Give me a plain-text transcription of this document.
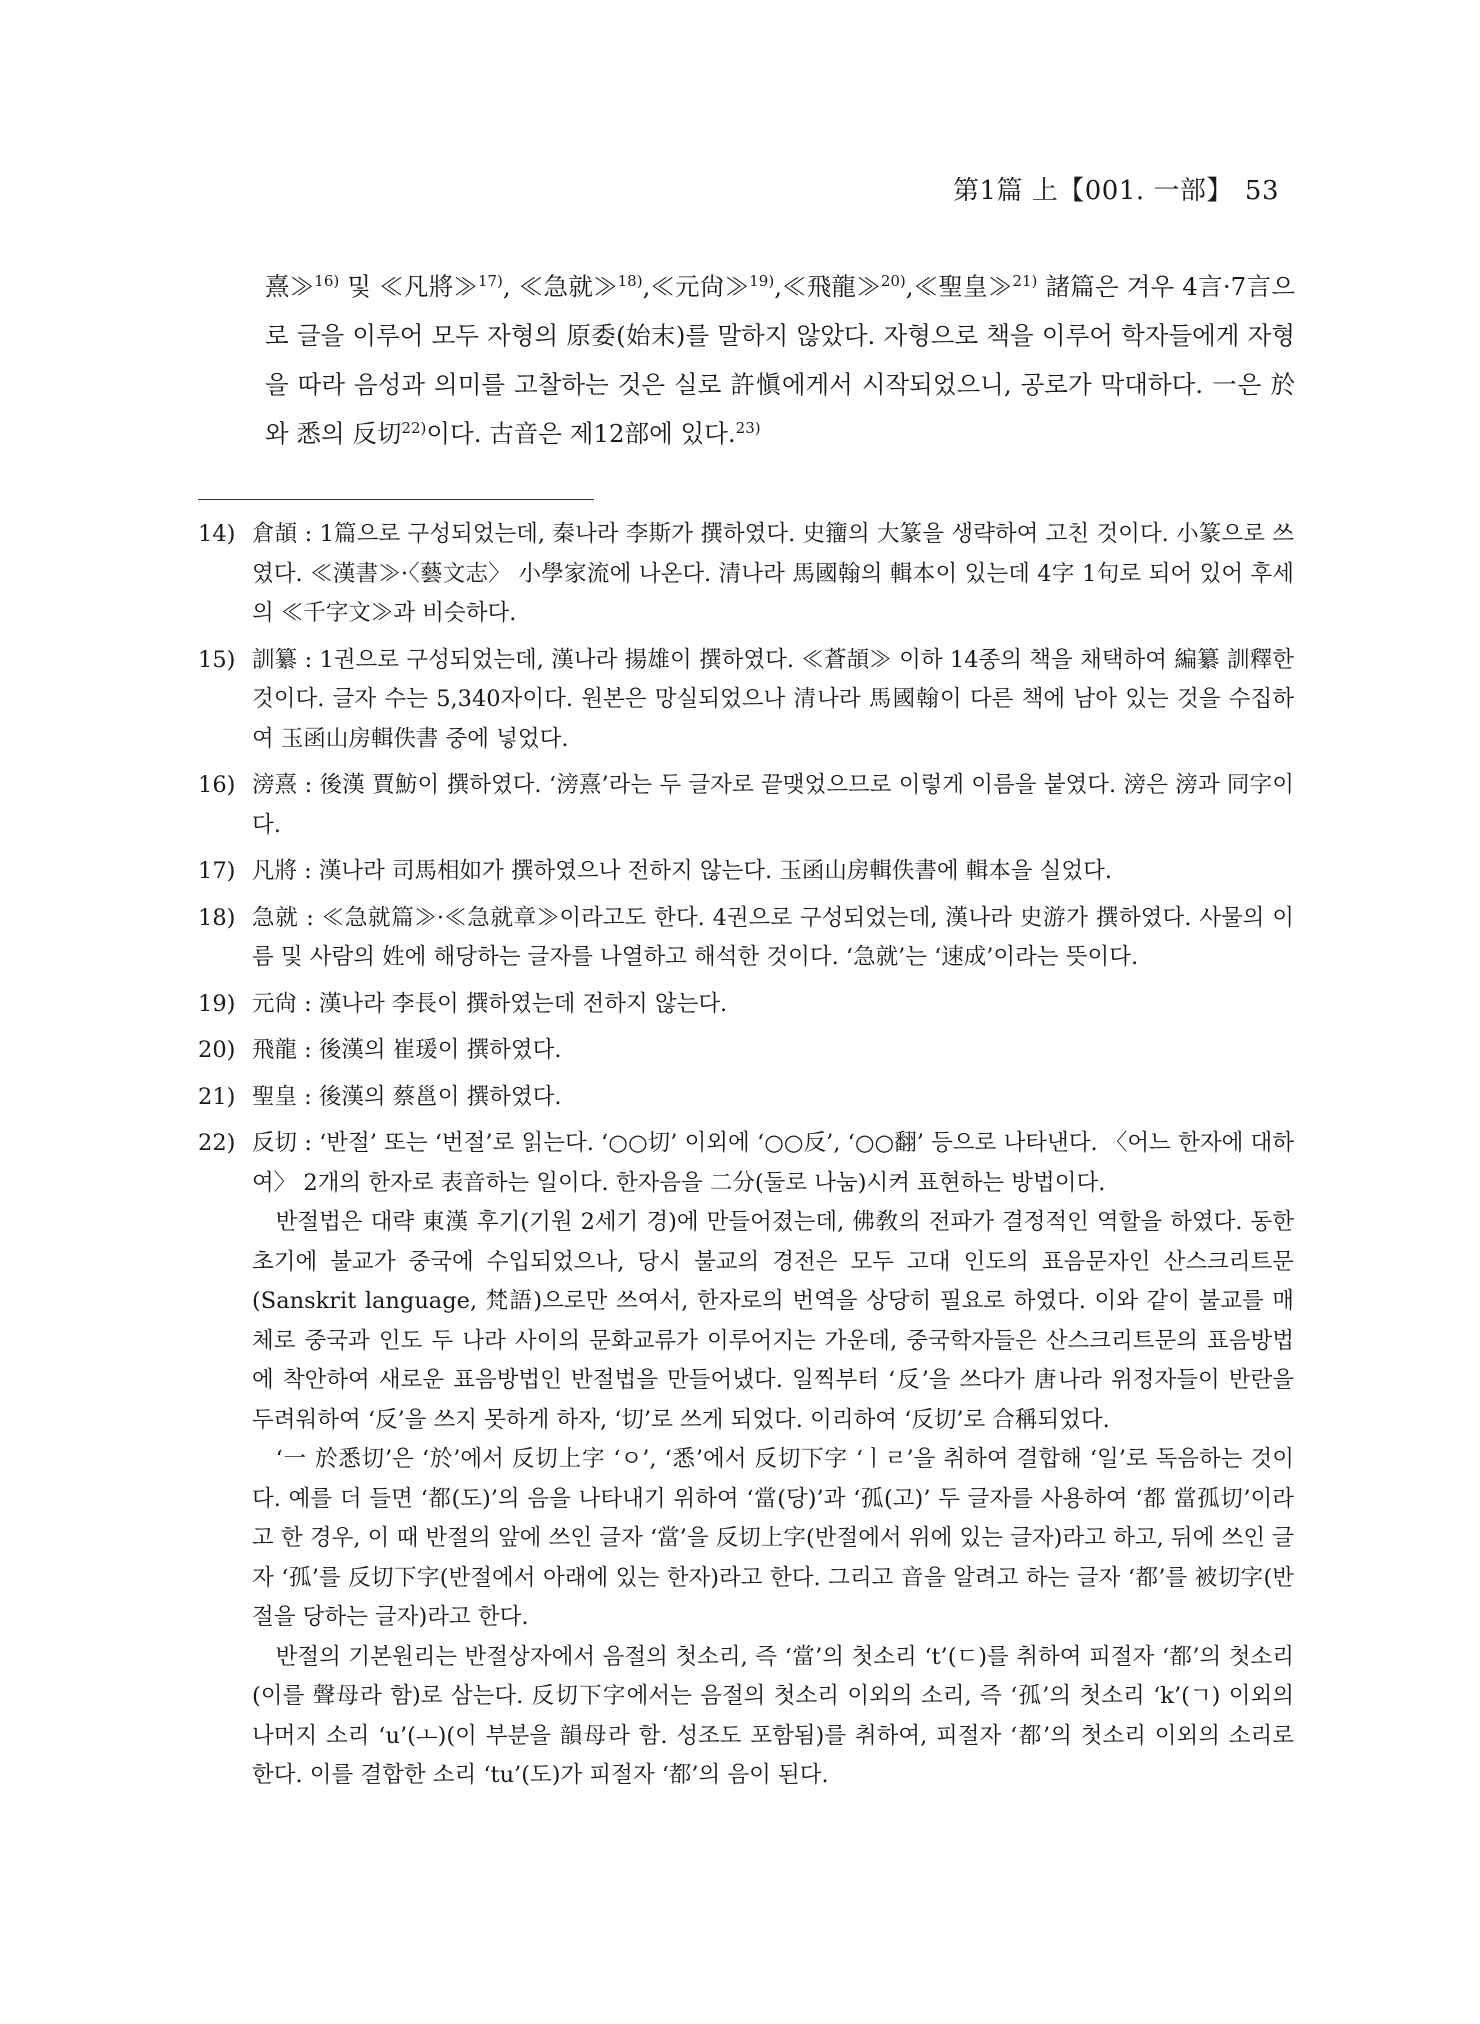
第1篇 上【001. 一部】 53

熹≫$^{16)}$ 및 ≪凡將≫$^{17)}$, ≪急就≫$^{18)}$,≪元尙≫$^{19)}$,≪飛龍≫$^{20)}$,≪聖皇≫$^{21)}$ 諸篇은 겨우 4言·7言으로 글을 이루어 모두 자형의 原委(始末)를 말하지 않았다. 자형으로 책을 이루어 학자들에게 자형을 따라 음성과 의미를 고찰하는 것은 실로 許愼에게서 시작되었으니, 공로가 막대하다. 一은 於와 悉의 反切$^{22)}$이다. 古音은 제12部에 있다.$^{23)}$

14) 倉頡 : 1篇으로 구성되었는데, 秦나라 李斯가 撰하였다. 史籒의 大篆을 생략하여 고친 것이다. 小篆으로 쓰였다. ≪漢書≫·〈藝文志〉 小學家流에 나온다. 清나라 馬國翰의 輯本이 있는데 4字 1句로 되어 있어 후세의 ≪千字文≫과 비슷하다.
15) 訓纂 : 1권으로 구성되었는데, 漢나라 揚雄이 撰하였다. ≪蒼頡≫ 이하 14종의 책을 채택하여 編纂 訓釋한 것이다. 글자 수는 5,340자이다. 원본은 망실되었으나 清나라 馬國翰이 다른 책에 남아 있는 것을 수집하여 玉函山房輯佚書 중에 넣었다.
16) 滂熹 : 後漢 賈魴이 撰하였다. ‘滂熹’라는 두 글자로 끝맺었으므로 이렇게 이름을 붙였다. 滂은 滂과 同字이다.
17) 凡將 : 漢나라 司馬相如가 撰하였으나 전하지 않는다. 玉函山房輯佚書에 輯本을 실었다.
18) 急就 : ≪急就篇≫·≪急就章≫이라고도 한다. 4권으로 구성되었는데, 漢나라 史游가 撰하였다. 사물의 이름 및 사람의 姓에 해당하는 글자를 나열하고 해석한 것이다. ‘急就’는 ‘速成’이라는 뜻이다.
19) 元尙 : 漢나라 李長이 撰하였는데 전하지 않는다.
20) 飛龍 : 後漢의 崔瑗이 撰하였다.
21) 聖皇 : 後漢의 蔡邕이 撰하였다.
22) 反切 : ‘반절’ 또는 ‘번절’로 읽는다. ‘○○切’ 이외에 ‘○○反’, ‘○○翻’ 등으로 나타낸다. 〈어느 한자에 대하여〉 2개의 한자로 表音하는 일이다. 한자음을 二分(둘로 나눔)시켜 표현하는 방법이다.

반절법은 대략 東漢 후기(기원 2세기 경)에 만들어졌는데, 佛敎의 전파가 결정적인 역할을 하였다. 동한 초기에 불교가 중국에 수입되었으나, 당시 불교의 경전은 모두 고대 인도의 표음문자인 산스크리트문(Sanskrit language, 梵語)으로만 쓰여서, 한자로의 번역을 상당히 필요로 하였다. 이와 같이 불교를 매체로 중국과 인도 두 나라 사이의 문화교류가 이루어지는 가운데, 중국학자들은 산스크리트문의 표음방법에 착안하여 새로운 표음방법인 반절법을 만들어냈다. 일찍부터 ‘反’을 쓰다가 唐나라 위정자들이 반란을 두려워하여 ‘反’을 쓰지 못하게 하자, ‘切’로 쓰게 되었다. 이리하여 ‘反切’로 合稱되었다.

‘一 於悉切’은 ‘於’에서 反切上字 ‘ㅇ’, ‘悉’에서 反切下字 ‘ㅣㄹ’을 취하여 결합해 ‘일’로 독음하는 것이다. 예를 더 들면 ‘都(도)’의 음을 나타내기 위하여 ‘當(당)’과 ‘孤(고)’ 두 글자를 사용하여 ‘都 當孤切’이라고 한 경우, 이 때 반절의 앞에 쓰인 글자 ‘當’을 反切上字(반절에서 위에 있는 글자)라고 하고, 뒤에 쓰인 글자 ‘孤’를 反切下字(반절에서 아래에 있는 한자)라고 한다. 그리고 音을 알려고 하는 글자 ‘都’를 被切字(반절을 당하는 글자)라고 한다.

반절의 기본원리는 반절상자에서 음절의 첫소리, 즉 ‘當’의 첫소리 ‘t’(ㄷ)를 취하여 피절자 ‘都’의 첫소리(이를 聲母라 함)로 삼는다. 反切下字에서는 음절의 첫소리 이외의 소리, 즉 ‘孤’의 첫소리 ‘k’(ㄱ) 이외의 나머지 소리 ‘u’(ㅗ)(이 부분을 韻母라 함. 성조도 포함됨)를 취하여, 피절자 ‘都’의 첫소리 이외의 소리로 한다. 이를 결합한 소리 ‘tu’(도)가 피절자 ‘都’의 음이 된다.
